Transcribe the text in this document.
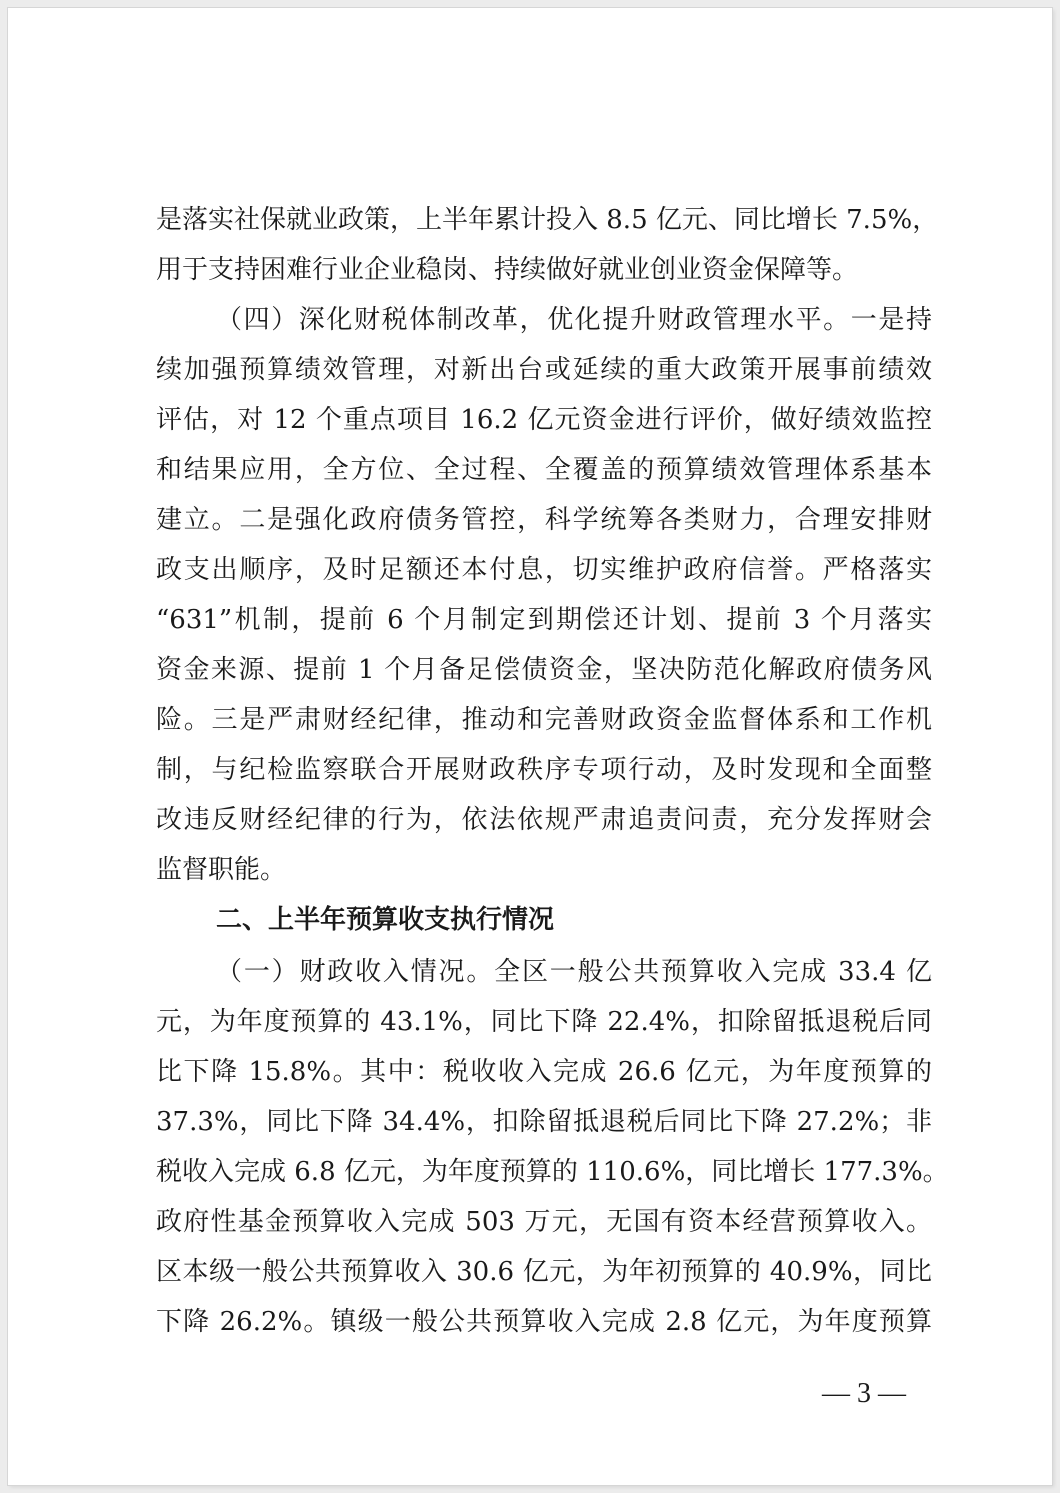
是落实社保就业政策，上半年累计投入 8.5 亿元、同比增长 7.5%，
用于支持困难行业企业稳岗、持续做好就业创业资金保障等。
（四）深化财税体制改革，优化提升财政管理水平。一是持
续加强预算绩效管理，对新出台或延续的重大政策开展事前绩效
评估，对 12 个重点项目 16.2 亿元资金进行评价，做好绩效监控
和结果应用，全方位、全过程、全覆盖的预算绩效管理体系基本
建立。二是强化政府债务管控，科学统筹各类财力，合理安排财
政支出顺序，及时足额还本付息，切实维护政府信誉。严格落实
“631”机制，提前 6 个月制定到期偿还计划、提前 3 个月落实
资金来源、提前 1 个月备足偿债资金，坚决防范化解政府债务风
险。三是严肃财经纪律，推动和完善财政资金监督体系和工作机
制，与纪检监察联合开展财政秩序专项行动，及时发现和全面整
改违反财经纪律的行为，依法依规严肃追责问责，充分发挥财会
监督职能。
二、上半年预算收支执行情况
（一）财政收入情况。全区一般公共预算收入完成 33.4 亿
元，为年度预算的 43.1%，同比下降 22.4%，扣除留抵退税后同
比下降 15.8%。其中：税收收入完成 26.6 亿元，为年度预算的
37.3%，同比下降 34.4%，扣除留抵退税后同比下降 27.2%；非
税收入完成 6.8 亿元，为年度预算的 110.6%，同比增长 177.3%。
政府性基金预算收入完成 503 万元，无国有资本经营预算收入。
区本级一般公共预算收入 30.6 亿元，为年初预算的 40.9%，同比
下降 26.2%。镇级一般公共预算收入完成 2.8 亿元，为年度预算
— 3 —
